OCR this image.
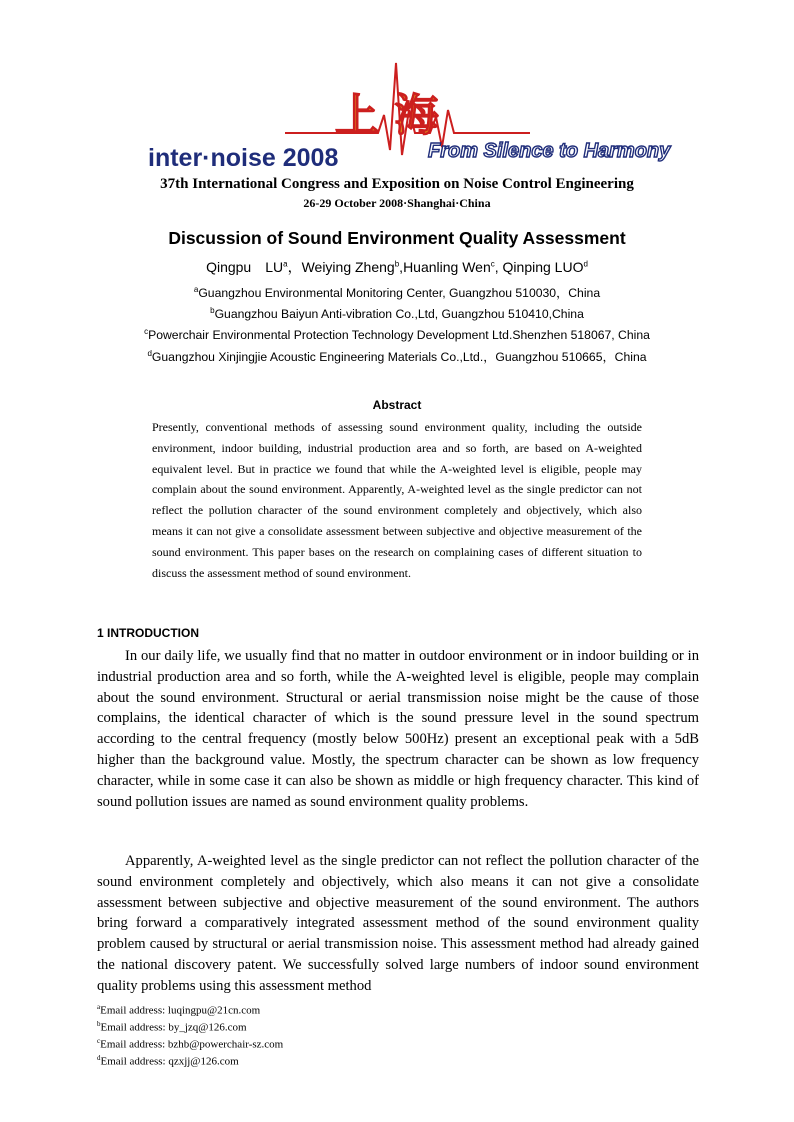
上 海
inter·noise 2008	From Silence to Harmony
37th International Congress and Exposition on Noise Control Engineering
26-29 October 2008·Shanghai·China
Discussion of Sound Environment Quality Assessment
Qingpu　$LU^a$，Weiying Zheng$^b$,Huanling Wen$^c$, Qinping LUO$^d$
$^a$Guangzhou Environmental Monitoring Center, Guangzhou 510030，China
$^b$Guangzhou Baiyun Anti-vibration Co.,Ltd, Guangzhou 510410,China
$^c$Powerchair Environmental Protection Technology Development Ltd.Shenzhen 518067, China
$^d$Guangzhou Xinjingjie Acoustic Engineering Materials Co.,Ltd.，Guangzhou 510665，China
Abstract
Presently, conventional methods of assessing sound environment quality, including the outside environment, indoor building, industrial production area and so forth, are based on A-weighted equivalent level. But in practice we found that while the A-weighted level is eligible, people may complain about the sound environment. Apparently, A-weighted level as the single predictor can not reflect the pollution character of the sound environment completely and objectively, which also means it can not give a consolidate assessment between subjective and objective measurement of the sound environment. This paper bases on the research on complaining cases of different situation to discuss the assessment method of sound environment.
1 INTRODUCTION
In our daily life, we usually find that no matter in outdoor environment or in indoor building or in industrial production area and so forth, while the A-weighted level is eligible, people may complain about the sound environment. Structural or aerial transmission noise might be the cause of those complains, the identical character of which is the sound pressure level in the sound spectrum according to the central frequency (mostly below 500Hz) present an exceptional peak with a 5dB higher than the background value. Mostly, the spectrum character can be shown as low frequency character, while in some case it can also be shown as middle or high frequency character. This kind of sound pollution issues are named as sound environment quality problems.
Apparently, A-weighted level as the single predictor can not reflect the pollution character of the sound environment completely and objectively, which also means it can not give a consolidate assessment between subjective and objective measurement of the sound environment. The authors bring forward a comparatively integrated assessment method of the sound environment quality problem caused by structural or aerial transmission noise. This assessment method had already gained the national discovery patent. We successfully solved large numbers of indoor sound environment quality problems using this assessment method
$^a$Email address: luqingpu@21cn.com
$^b$Email address: by_jzq@126.com
$^c$Email address: bzhb@powerchair-sz.com
$^d$Email address: qzxjj@126.com
